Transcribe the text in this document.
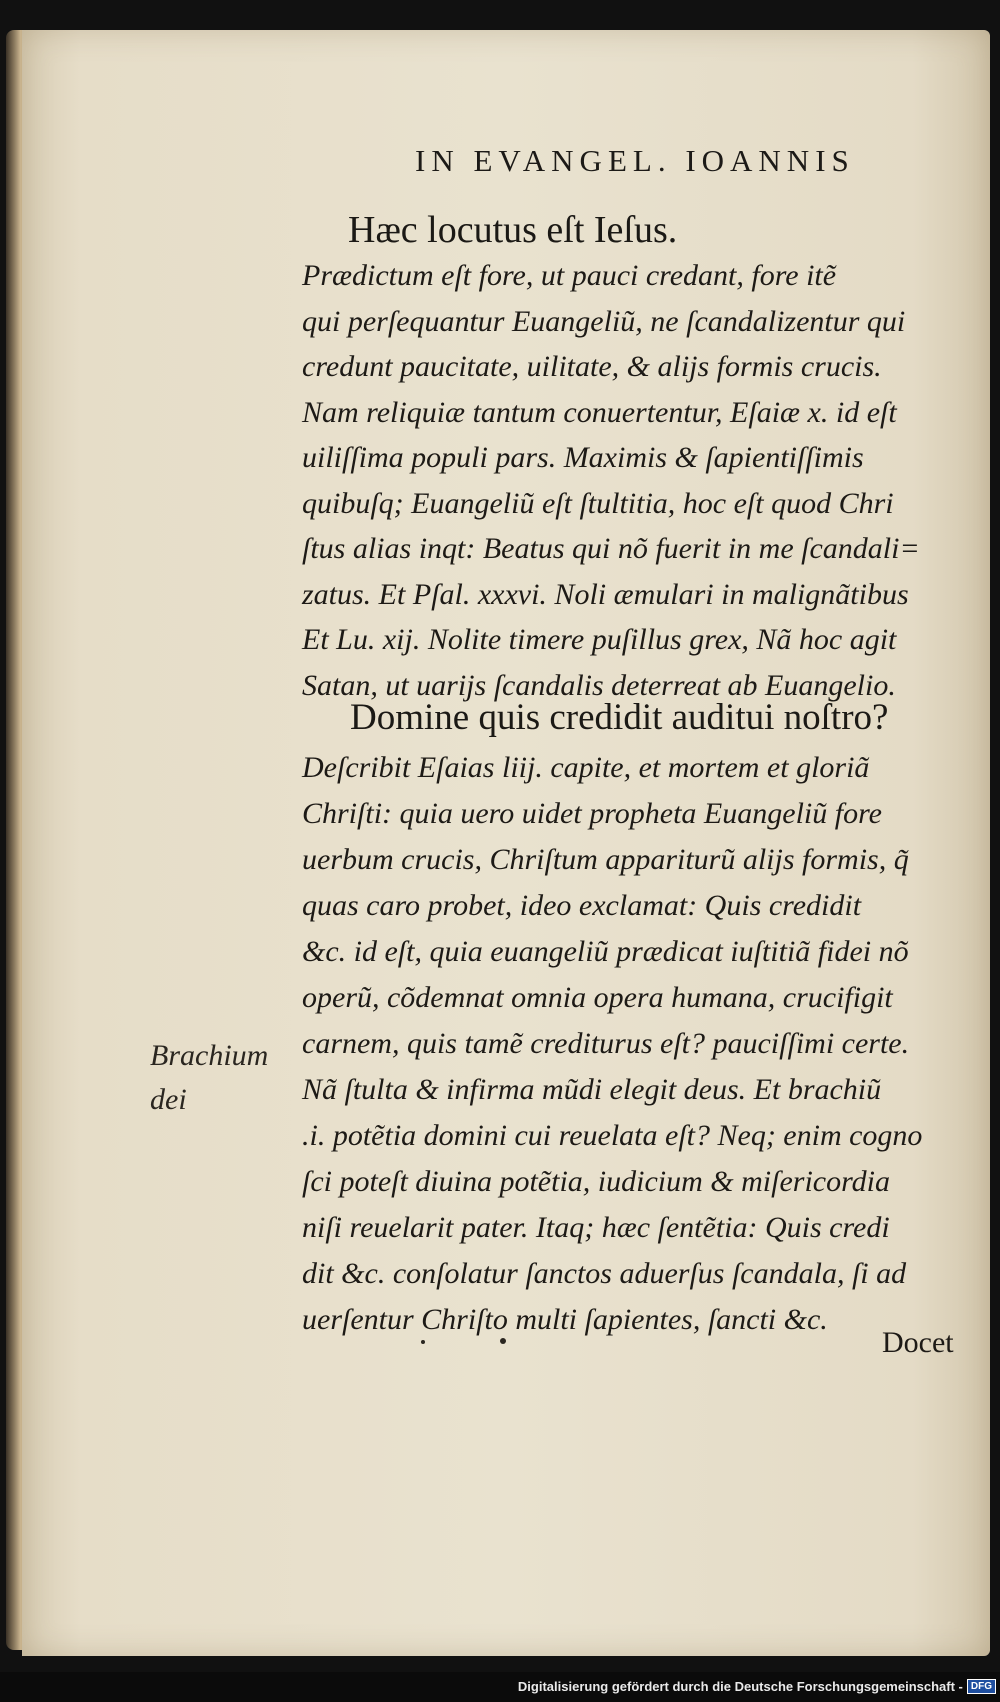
IN EVANGEL. IOANNIS
Hæc locutus eſt Ieſus.
Prædictum eſt fore, ut pauci credant, fore itẽ
qui perſequantur Euangeliũ, ne ſcandalizentur qui
credunt paucitate, uilitate, & alijs formis crucis.
Nam reliquiæ tantum conuertentur, Eſaiæ x. id eſt
uiliſſima populi pars. Maximis & ſapientiſſimis
quibuſq; Euangeliũ eſt ſtultitia, hoc eſt quod Chri
ſtus alias inqt: Beatus qui nõ fuerit in me ſcandali=
zatus. Et Pſal. xxxvi. Noli æmulari in malignãtibus
Et Lu. xij. Nolite timere puſillus grex, Nã hoc agit
Satan, ut uarijs ſcandalis deterreat ab Euangelio.
Domine quis credidit auditui noſtro?
Deſcribit Eſaias liij. capite, et mortem et gloriã
Chriſti: quia uero uidet propheta Euangeliũ fore
uerbum crucis, Chriſtum appariturũ alijs formis, q̃
quas caro probet, ideo exclamat: Quis credidit
&c. id eſt, quia euangeliũ prædicat iuſtitiã fidei nõ
operũ, cõdemnat omnia opera humana, crucifigit
carnem, quis tamẽ crediturus eſt? pauciſſimi certe.
Nã ſtulta & infirma mũdi elegit deus. Et brachiũ
.i. potẽtia domini cui reuelata eſt? Neq; enim cogno
ſci poteſt diuina potẽtia, iudicium & miſericordia
niſi reuelarit pater. Itaq; hæc ſentẽtia: Quis credi
dit &c. conſolatur ſanctos aduerſus ſcandala, ſi ad
uerſentur Chriſto multi ſapientes, ſancti &c.
Brachium
dei
Docet
Digitalisierung gefördert durch die Deutsche Forschungsgemeinschaft - DFG
